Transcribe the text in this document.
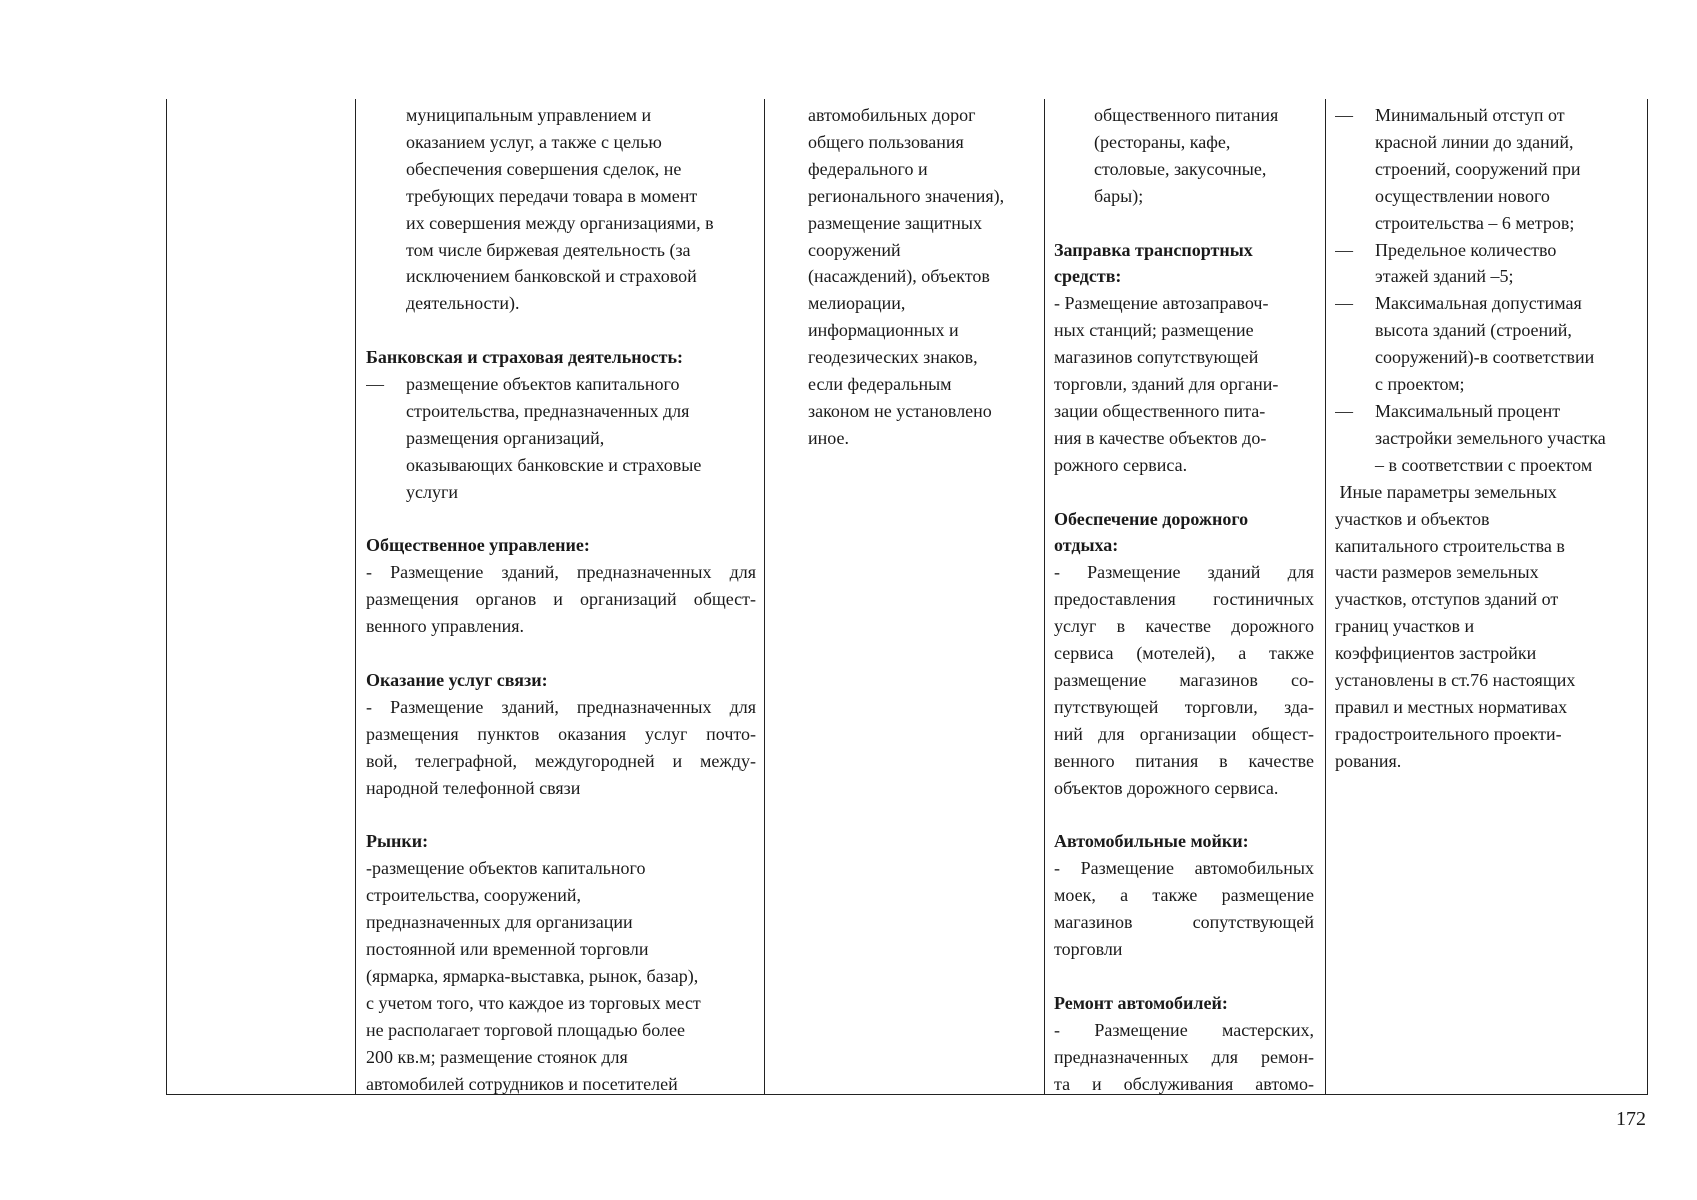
муниципальным управлением и
оказанием услуг, а также с целью
обеспечения совершения сделок, не
требующих передачи товара в момент
их совершения между организациями, в
том числе биржевая деятельность (за
исключением банковской и страховой
деятельности).
Банковская и страховая деятельность:
— размещение объектов капитального
строительства, предназначенных для
размещения организаций,
оказывающих банковские и страховые
услуги
Общественное управление:
- Размещение зданий, предназначенных для
размещения органов и организаций общест-
венного управления.
Оказание услуг связи:
- Размещение зданий, предназначенных для
размещения пунктов оказания услуг почто-
вой, телеграфной, междугородней и между-
народной телефонной связи
Рынки:
-размещение объектов капитального
строительства, сооружений,
предназначенных для организации
постоянной или временной торговли
(ярмарка, ярмарка-выставка, рынок, базар),
с учетом того, что каждое из торговых мест
не располагает торговой площадью более
200 кв.м; размещение стоянок для
автомобилей сотрудников и посетителей
автомобильных дорог
общего пользования
федерального и
регионального значения),
размещение защитных
сооружений
(насаждений), объектов
мелиорации,
информационных и
геодезических знаков,
если федеральным
законом не установлено
иное.
общественного питания
(рестораны, кафе,
столовые, закусочные,
бары);
Заправка транспортных
средств:
- Размещение автозаправоч-
ных станций; размещение
магазинов сопутствующей
торговли, зданий для органи-
зации общественного пита-
ния в качестве объектов до-
рожного сервиса.
Обеспечение дорожного
отдыха:
- Размещение зданий для
предоставления гостиничных
услуг в качестве дорожного
сервиса (мотелей), а также
размещение магазинов со-
путствующей торговли, зда-
ний для организации общест-
венного питания в качестве
объектов дорожного сервиса.
Автомобильные мойки:
- Размещение автомобильных
моек, а также размещение
магазинов сопутствующей
торговли
Ремонт автомобилей:
- Размещение мастерских,
предназначенных для ремон-
та и обслуживания автомо-
— Минимальный отступ от
красной линии до зданий,
строений, сооружений при
осуществлении нового
строительства – 6 метров;
— Предельное количество
этажей зданий –5;
— Максимальная допустимая
высота зданий (строений,
сооружений)-в соответствии
с проектом;
— Максимальный процент
застройки земельного участка
– в соответствии с проектом
Иные параметры земельных
участков и объектов
капитального строительства в
части размеров земельных
участков, отступов зданий от
границ участков и
коэффициентов застройки
установлены в ст.76 настоящих
правил и местных нормативах
градостроительного проекти-
рования.
172
